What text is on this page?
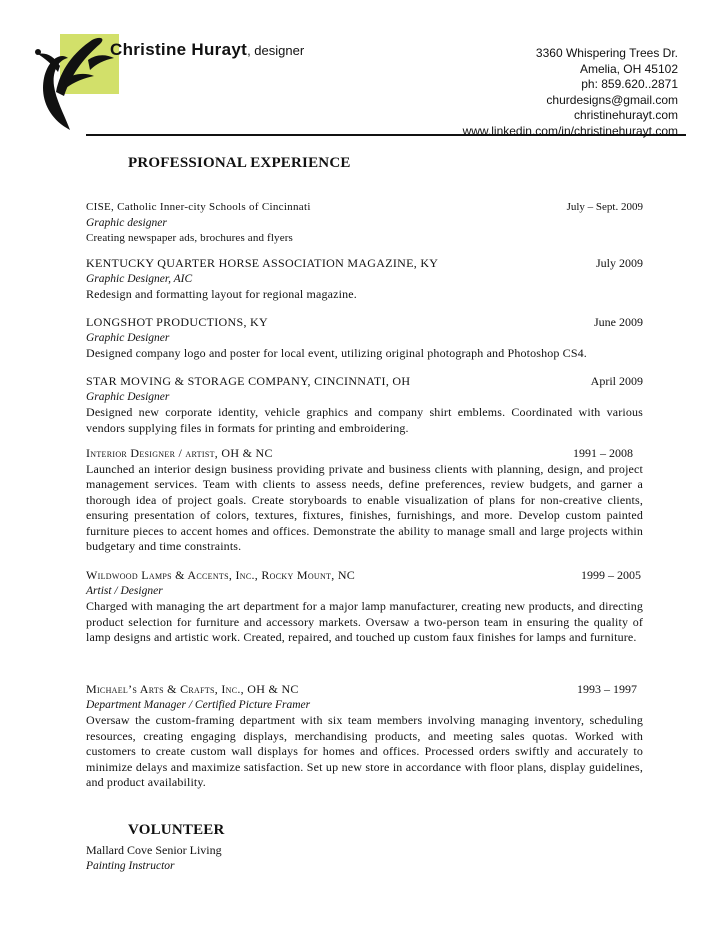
Christine Hurayt, designer	3360 Whispering Trees Dr.
Amelia, OH 45102
ph: 859.620..2871
churdesigns@gmail.com
christinehurayt.com
www.linkedin.com/in/christinehurayt.com
PROFESSIONAL EXPERIENCE
CISE, Catholic Inner-city Schools of Cincinnati	July – Sept. 2009
Graphic designer
Creating newspaper ads, brochures and flyers
KENTUCKY QUARTER HORSE ASSOCIATION MAGAZINE, KY	July 2009
Graphic Designer, AIC
Redesign and formatting layout for regional magazine.
LONGSHOT PRODUCTIONS, KY	June 2009
Graphic Designer
Designed company logo and poster for local event, utilizing original photograph and Photoshop CS4.
STAR MOVING & STORAGE COMPANY, CINCINNATI, OH	April 2009
Graphic Designer
Designed new corporate identity, vehicle graphics and company shirt emblems. Coordinated with various vendors supplying files in formats for printing and embroidering.
Interior Designer / artist, OH & NC	1991 – 2008
Launched an interior design business providing private and business clients with planning, design, and project management services. Team with clients to assess needs, define preferences, review budgets, and garner a thorough idea of project goals. Create storyboards to enable visualization of plans for non-creative clients, ensuring presentation of colors, textures, fixtures, finishes, furnishings, and more. Develop custom painted furniture pieces to accent homes and offices. Demonstrate the ability to manage small and large projects within budgetary and time constraints.
Wildwood Lamps & Accents, Inc., Rocky Mount, NC	1999 – 2005
Artist / Designer
Charged with managing the art department for a major lamp manufacturer, creating new products, and directing product selection for furniture and accessory markets. Oversaw a two-person team in ensuring the quality of lamp designs and artistic work. Created, repaired, and touched up custom faux finishes for lamps and furniture.
Michael’s Arts & Crafts, Inc., OH & NC	1993 – 1997
Department Manager / Certified Picture Framer
Oversaw the custom-framing department with six team members involving managing inventory, scheduling resources, creating engaging displays, merchandising products, and meeting sales quotas. Worked with customers to create custom wall displays for homes and offices. Processed orders swiftly and accurately to minimize delays and maximize satisfaction. Set up new store in accordance with floor plans, display guidelines, and product availability.
VOLUNTEER
Mallard Cove Senior Living
Painting Instructor
